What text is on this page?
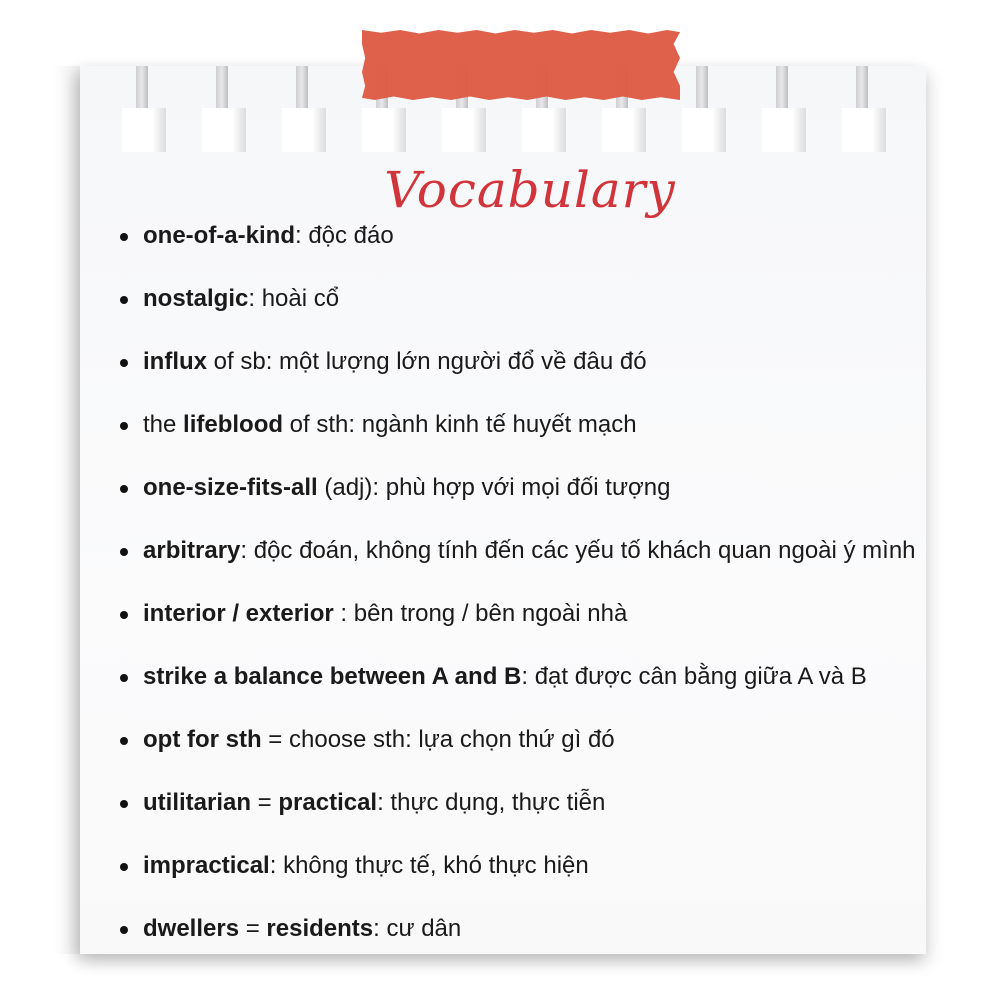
Vocabulary
one-of-a-kind: độc đáo
nostalgic: hoài cổ
influx of sb: một lượng lớn người đổ về đâu đó
the lifeblood of sth: ngành kinh tế huyết mạch
one-size-fits-all (adj): phù hợp với mọi đối tượng
arbitrary: độc đoán, không tính đến các yếu tố khách quan ngoài ý mình
interior / exterior : bên trong / bên ngoài nhà
strike a balance between A and B: đạt được cân bằng giữa A và B
opt for sth = choose sth: lựa chọn thứ gì đó
utilitarian = practical: thực dụng, thực tiễn
impractical: không thực tế, khó thực hiện
dwellers = residents: cư dân
